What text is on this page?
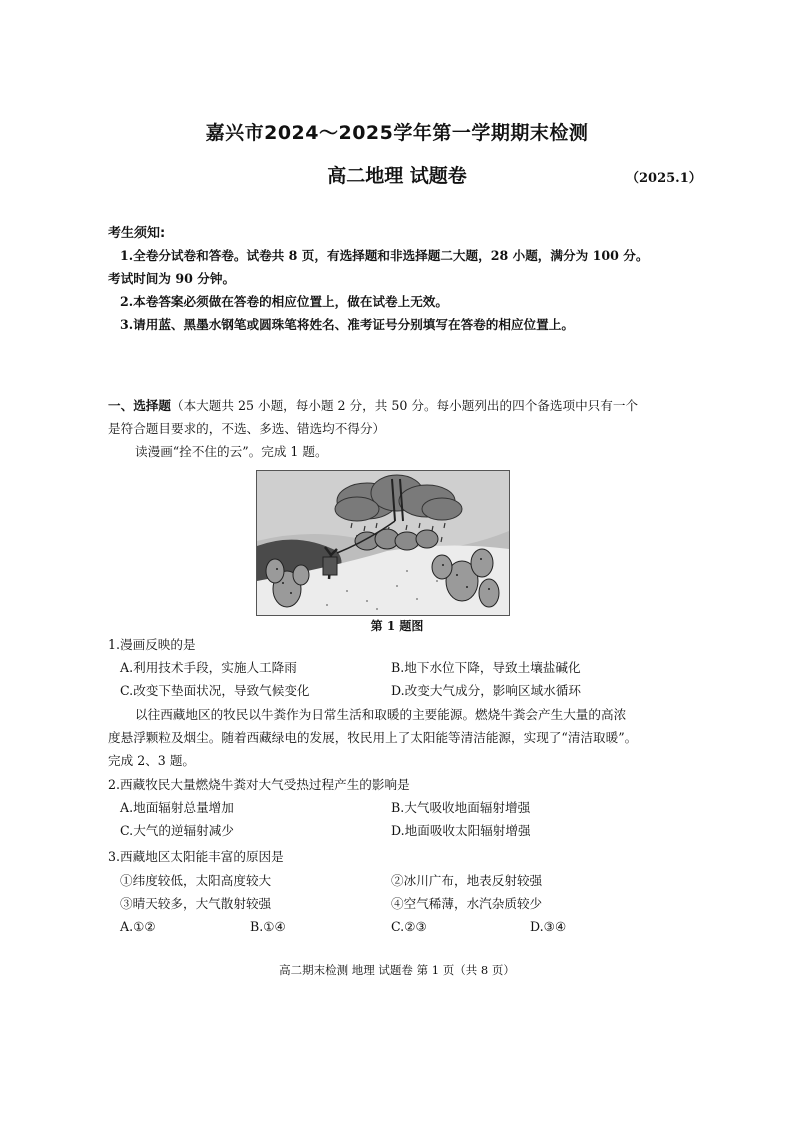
嘉兴市2024～2025学年第一学期期末检测
高二地理 试题卷	（2025.1）
考生须知:
1.全卷分试卷和答卷。试卷共 8 页，有选择题和非选择题二大题，28 小题，满分为 100 分。
考试时间为 90 分钟。
2.本卷答案必须做在答卷的相应位置上，做在试卷上无效。
3.请用蓝、黑墨水钢笔或圆珠笔将姓名、准考证号分别填写在答卷的相应位置上。
一、选择题（本大题共 25 小题，每小题 2 分，共 50 分。每小题列出的四个备选项中只有一个
是符合题目要求的，不选、多选、错选均不得分）
读漫画“拴不住的云”。完成 1 题。
第 1 题图
1.漫画反映的是
A.利用技术手段，实施人工降雨	B.地下水位下降，导致土壤盐碱化
C.改变下垫面状况，导致气候变化	D.改变大气成分，影响区域水循环
以往西藏地区的牧民以牛粪作为日常生活和取暖的主要能源。燃烧牛粪会产生大量的高浓
度悬浮颗粒及烟尘。随着西藏绿电的发展，牧民用上了太阳能等清洁能源，实现了“清洁取暖”。
完成 2、3 题。
2.西藏牧民大量燃烧牛粪对大气受热过程产生的影响是
A.地面辐射总量增加	B.大气吸收地面辐射增强
C.大气的逆辐射减少	D.地面吸收太阳辐射增强
3.西藏地区太阳能丰富的原因是
①纬度较低，太阳高度较大	②冰川广布，地表反射较强
③晴天较多，大气散射较强	④空气稀薄，水汽杂质较少
A.①②	B.①④	C.②③	D.③④
高二期末检测 地理 试题卷 第 1 页（共 8 页）
